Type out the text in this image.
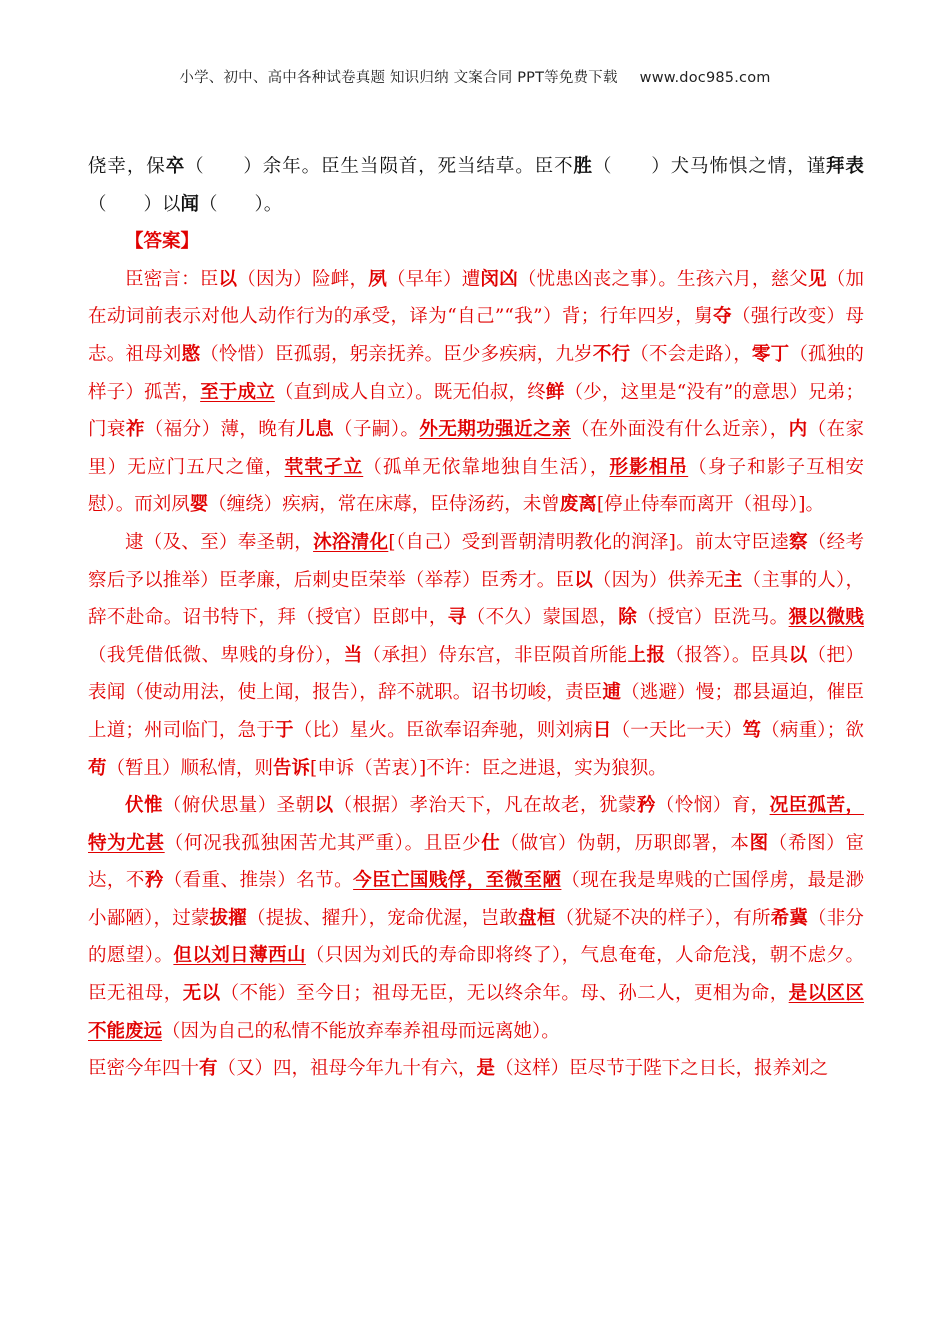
小学、初中、高中各种试卷真题 知识归纳 文案合同 PPT等免费下载 www.doc985.com

侥幸，保卒（　　）余年。臣生当陨首，死当结草。臣不胜（　　）犬马怖惧之情，谨拜表（　　）以闻（　　）。

【答案】

臣密言：臣以（因为）险衅，夙（早年）遭闵凶（忧患凶丧之事）。生孩六月，慈父见（加在动词前表示对他人动作行为的承受，译为“自己”“我”）背；行年四岁，舅夺（强行改变）母志。祖母刘愍（怜惜）臣孤弱，躬亲抚养。臣少多疾病，九岁不行（不会走路），零丁（孤独的样子）孤苦，至于成立（直到成人自立）。既无伯叔，终鲜（少，这里是“没有”的意思）兄弟；门衰祚（福分）薄，晚有儿息（子嗣）。外无期功强近之亲（在外面没有什么近亲），内（在家里）无应门五尺之僮，茕茕孑立（孤单无依靠地独自生活），形影相吊（身子和影子互相安慰）。而刘夙婴（缠绕）疾病，常在床蓐，臣侍汤药，未曾废离[停止侍奉而离开（祖母）]。

逮（及、至）奉圣朝，沐浴清化[（自己）受到晋朝清明教化的润泽]。前太守臣逵察（经考察后予以推举）臣孝廉，后刺史臣荣举（举荐）臣秀才。臣以（因为）供养无主（主事的人），辞不赴命。诏书特下，拜（授官）臣郎中，寻（不久）蒙国恩，除（授官）臣洗马。猥以微贱（我凭借低微、卑贱的身份），当（承担）侍东宫，非臣陨首所能上报（报答）。臣具以（把）表闻（使动用法，使上闻，报告），辞不就职。诏书切峻，责臣逋（逃避）慢；郡县逼迫，催臣上道；州司临门，急于于（比）星火。臣欲奉诏奔驰，则刘病日（一天比一天）笃（病重）；欲苟（暂且）顺私情，则告诉[申诉（苦衷）]不许：臣之进退，实为狼狈。

伏惟（俯伏思量）圣朝以（根据）孝治天下，凡在故老，犹蒙矜（怜悯）育，况臣孤苦，特为尤甚（何况我孤独困苦尤其严重）。且臣少仕（做官）伪朝，历职郎署，本图（希图）宦达，不矜（看重、推崇）名节。今臣亡国贱俘，至微至陋（现在我是卑贱的亡国俘虏，最是渺小鄙陋），过蒙拔擢（提拔、擢升），宠命优渥，岂敢盘桓（犹疑不决的样子），有所希冀（非分的愿望）。但以刘日薄西山（只因为刘氏的寿命即将终了），气息奄奄，人命危浅，朝不虑夕。臣无祖母，无以（不能）至今日；祖母无臣，无以终余年。母、孙二人，更相为命，是以区区不能废远（因为自己的私情不能放弃奉养祖母而远离她）。

臣密今年四十有（又）四，祖母今年九十有六，是（这样）臣尽节于陛下之日长，报养刘之
